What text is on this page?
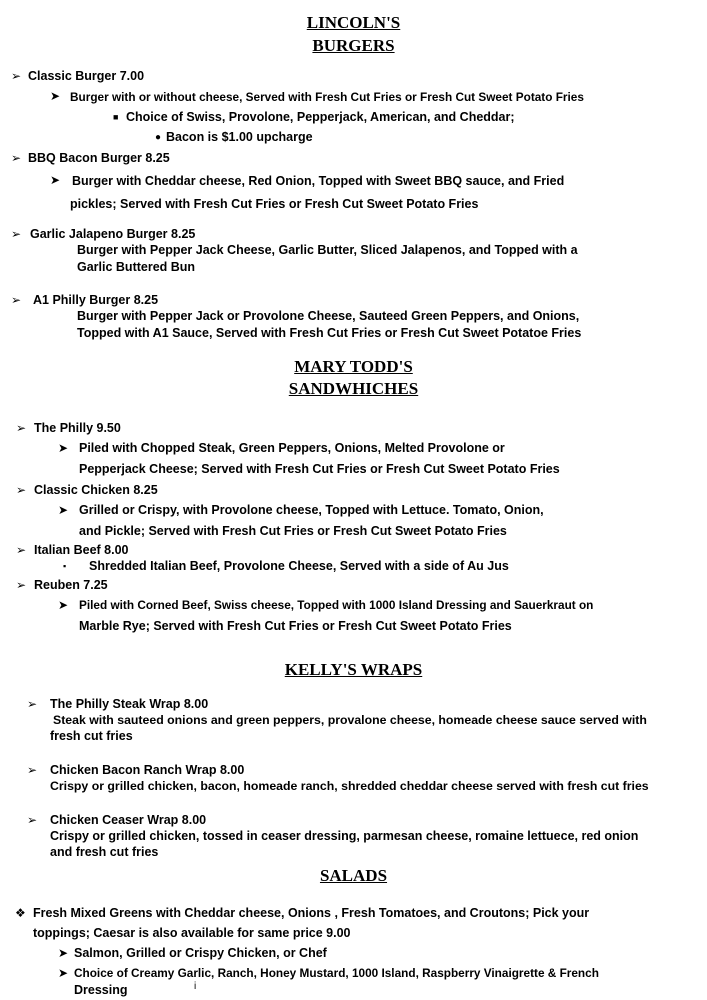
LINCOLN'S
BURGERS
➢ Classic Burger 7.00
➤ Burger with or without cheese, Served with Fresh Cut Fries or Fresh Cut Sweet Potato Fries
■ Choice of Swiss, Provolone, Pepperjack, American, and Cheddar;
● Bacon is $1.00 upcharge
➢ BBQ Bacon Burger 8.25
➤ Burger with Cheddar cheese, Red Onion, Topped with Sweet BBQ sauce, and Fried
pickles; Served with Fresh Cut Fries or Fresh Cut Sweet Potato Fries
➢ Garlic Jalapeno Burger 8.25
Burger with Pepper Jack Cheese, Garlic Butter, Sliced Jalapenos, and Topped with a
Garlic Buttered Bun
➢ A1 Philly Burger 8.25
Burger with Pepper Jack or Provolone Cheese, Sauteed Green Peppers, and Onions,
Topped with A1 Sauce, Served with Fresh Cut Fries or Fresh Cut Sweet Potatoe Fries
MARY TODD'S
SANDWHICHES
➢ The Philly 9.50
➤ Piled with Chopped Steak, Green Peppers, Onions, Melted Provolone or
Pepperjack Cheese; Served with Fresh Cut Fries or Fresh Cut Sweet Potato Fries
➢ Classic Chicken 8.25
➤ Grilled or Crispy, with Provolone cheese, Topped with Lettuce. Tomato, Onion,
and Pickle; Served with Fresh Cut Fries or Fresh Cut Sweet Potato Fries
➢ Italian Beef 8.00
▪ Shredded Italian Beef, Provolone Cheese, Served with a side of Au Jus
➢ Reuben 7.25
➤ Piled with Corned Beef, Swiss cheese, Topped with 1000 Island Dressing and Sauerkraut on
Marble Rye; Served with Fresh Cut Fries or Fresh Cut Sweet Potato Fries
KELLY'S WRAPS
➢ The Philly Steak Wrap 8.00
Steak with sauteed onions and green peppers, provalone cheese, homeade cheese sauce served with
fresh cut fries
➢ Chicken Bacon Ranch Wrap 8.00
Crispy or grilled chicken, bacon, homeade ranch, shredded cheddar cheese served with fresh cut fries
➢ Chicken Ceaser Wrap 8.00
Crispy or grilled chicken, tossed in ceaser dressing, parmesan cheese, romaine lettuece, red onion
and fresh cut fries
SALADS
❖ Fresh Mixed Greens with Cheddar cheese, Onions , Fresh Tomatoes, and Croutons; Pick your
toppings; Caesar is also available for same price 9.00
➤ Salmon, Grilled or Crispy Chicken, or Chef
➤ Choice of Creamy Garlic, Ranch, Honey Mustard, 1000 Island, Raspberry Vinaigrette & French
Dressing	i
